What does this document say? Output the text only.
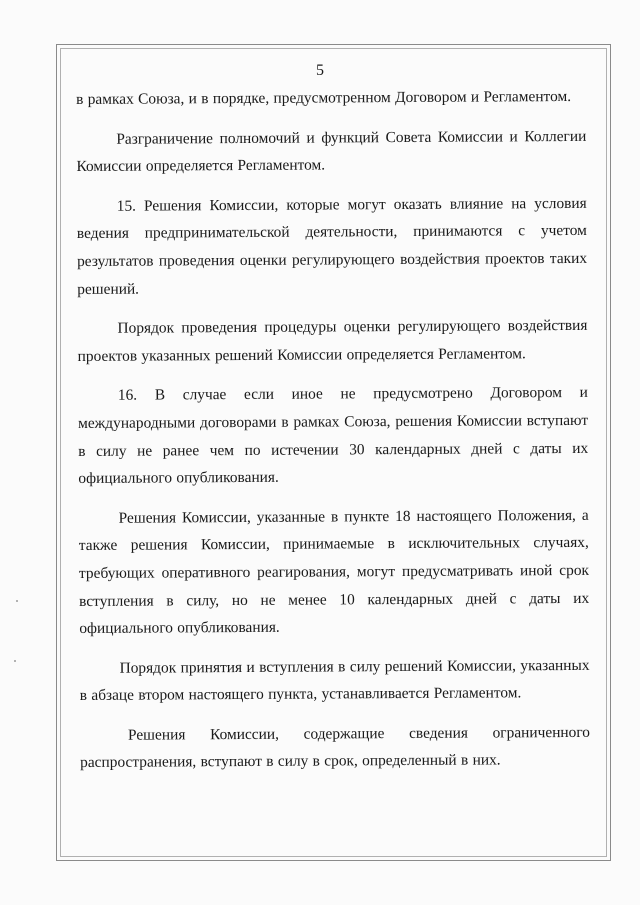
5

в рамках Союза, и в порядке, предусмотренном Договором и Регламентом.

Разграничение полномочий и функций Совета Комиссии и Коллегии Комиссии определяется Регламентом.

15. Решения Комиссии, которые могут оказать влияние на условия ведения предпринимательской деятельности, принимаются с учетом результатов проведения оценки регулирующего воздействия проектов таких решений.

Порядок проведения процедуры оценки регулирующего воздействия проектов указанных решений Комиссии определяется Регламентом.

16. В случае если иное не предусмотрено Договором и международными договорами в рамках Союза, решения Комиссии вступают в силу не ранее чем по истечении 30 календарных дней с даты их официального опубликования.

Решения Комиссии, указанные в пункте 18 настоящего Положения, а также решения Комиссии, принимаемые в исключительных случаях, требующих оперативного реагирования, могут предусматривать иной срок вступления в силу, но не менее 10 календарных дней с даты их официального опубликования.

Порядок принятия и вступления в силу решений Комиссии, указанных в абзаце втором настоящего пункта, устанавливается Регламентом.

Решения Комиссии, содержащие сведения ограниченного распространения, вступают в силу в срок, определенный в них.
